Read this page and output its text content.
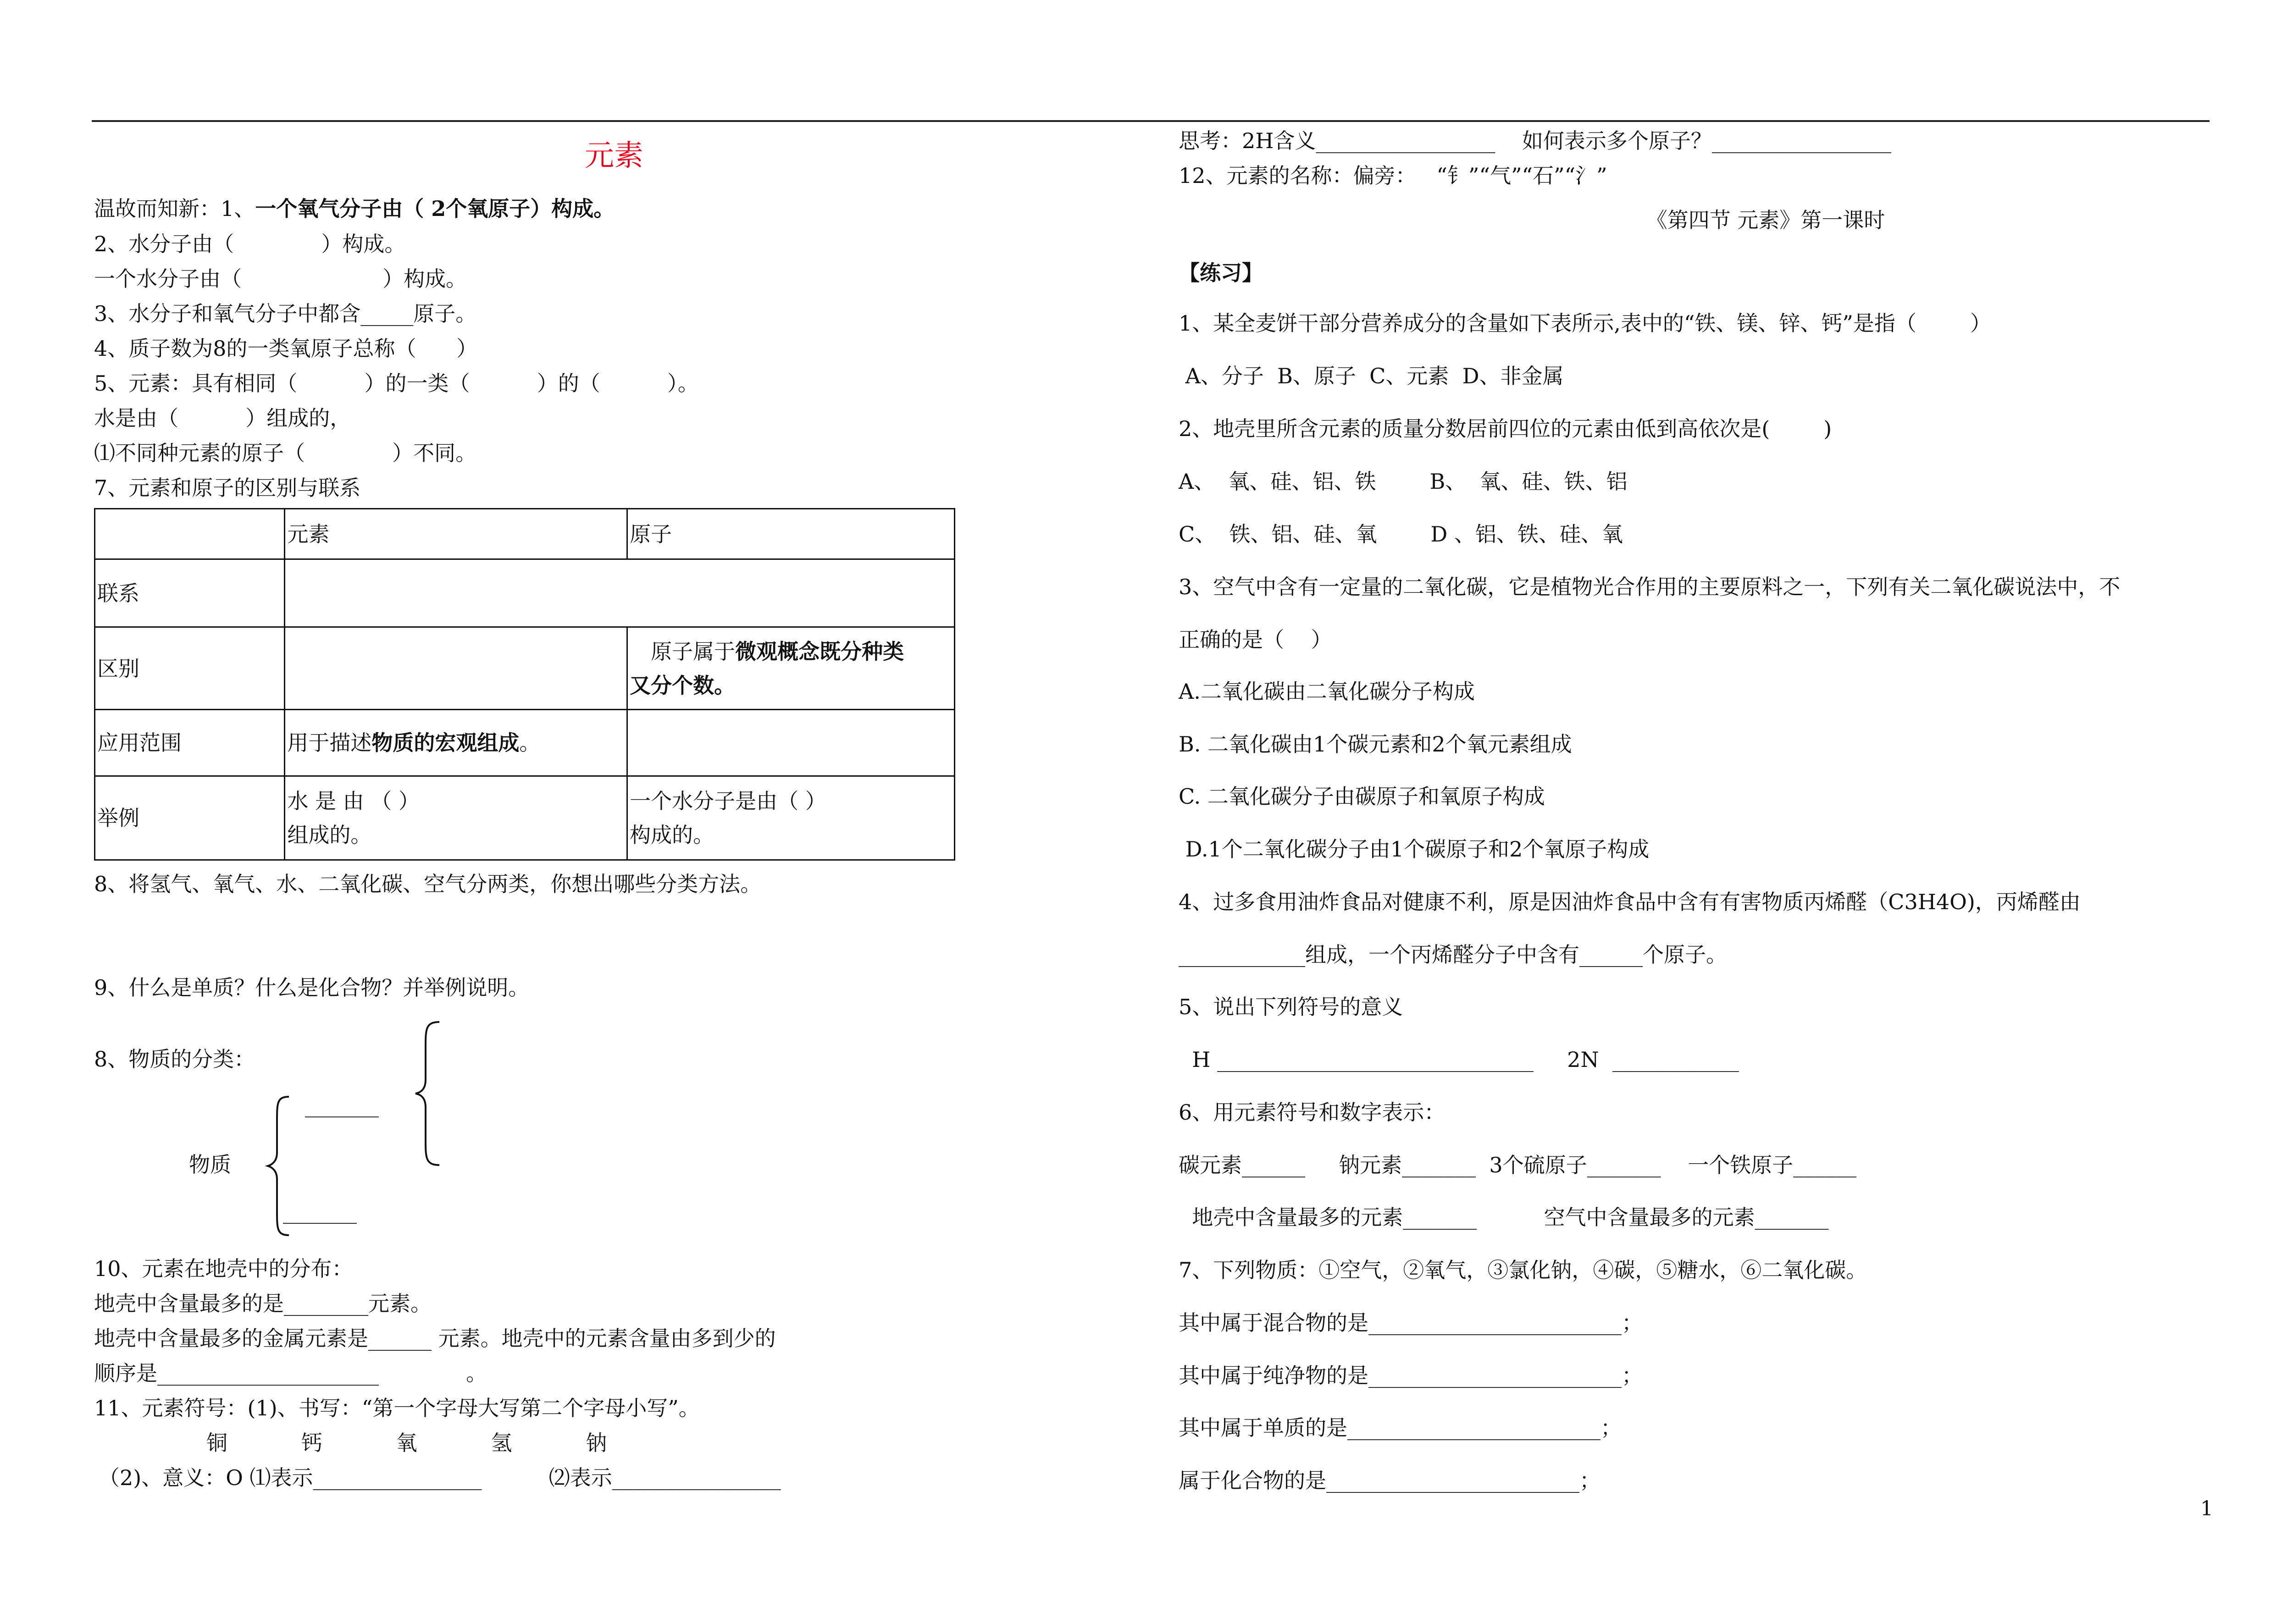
元素
温故而知新：1、一个氧气分子由（ 2个氧原子）构成。
2、水分子由（             ）构成。
一个水分子由（                     ）构成。
3、水分子和氧气分子中都含_____原子。
4、质子数为8的一类氧原子总称（      ）
5、元素：具有相同（          ）的一类（          ）的（          ）。
水是由（          ）组成的，
⑴不同种元素的原子（             ）不同。
7、元素和原子的区别与联系
	元素	原子
联系		
区别		　原子属于微观概念既分种类
又分个数。
应用范围	用于描述物质的宏观组成。	
举例	水 是 由 （ ）
组成的。	一个水分子是由（ ）
构成的。
8、将氢气、氧气、水、二氧化碳、空气分两类，你想出哪些分类方法。
9、什么是单质？什么是化合物？并举例说明。
8、物质的分类：
_______
物质
_______
10、元素在地壳中的分布：
地壳中含量最多的是________元素。
地壳中含量最多的金属元素是______ 元素。地壳中的元素含量由多到少的
顺序是_____________________             。
11、元素符号：(1)、书写：“第一个字母大写第二个字母小写”。
铜           钙           氧           氢           钠
（2)、意义：O ⑴表示________________          ⑵表示________________
思考：2H含义_________________    如何表示多个原子？_________________
12、元素的名称：偏旁：   “钅”“气”“石”“氵”
《第四节 元素》第一课时
【练习】
1、某全麦饼干部分营养成分的含量如下表所示,表中的“铁、镁、锌、钙”是指（        ）
A、分子  B、原子  C、元素  D、非金属
2、地壳里所含元素的质量分数居前四位的元素由低到高依次是(        )
A、  氧、硅、铝、铁        B、  氧、硅、铁、铝
C、  铁、铝、硅、氧        D 、铝、铁、硅、氧
3、空气中含有一定量的二氧化碳，它是植物光合作用的主要原料之一，下列有关二氧化碳说法中，不
正确的是（    ）
A.二氧化碳由二氧化碳分子构成
B. 二氧化碳由1个碳元素和2个氧元素组成
C. 二氧化碳分子由碳原子和氧原子构成
D.1个二氧化碳分子由1个碳原子和2个氧原子构成
4、过多食用油炸食品对健康不利，原是因油炸食品中含有有害物质丙烯醛（C3H4O)，丙烯醛由
____________组成，一个丙烯醛分子中含有______个原子。
5、说出下列符号的意义
H ______________________________     2N  ____________
6、用元素符号和数字表示：
碳元素______     钠元素_______  3个硫原子_______    一个铁原子______
地壳中含量最多的元素_______          空气中含量最多的元素_______
7、下列物质：①空气，②氧气，③氯化钠，④碳，⑤糖水，⑥二氧化碳。
其中属于混合物的是________________________；
其中属于纯净物的是________________________；
其中属于单质的是________________________；
属于化合物的是________________________；
1
